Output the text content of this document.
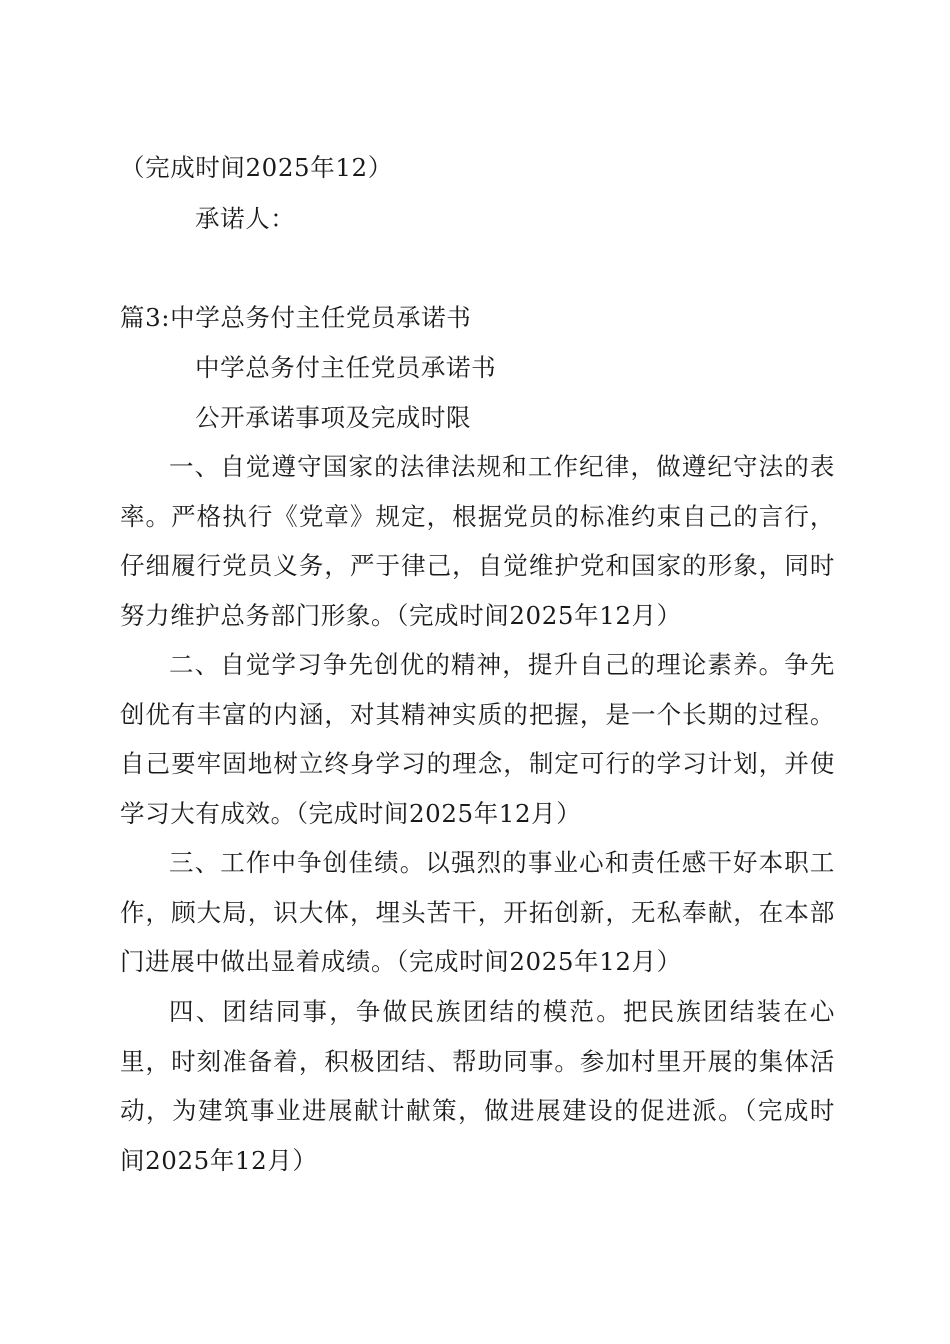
（完成时间2025年12）
承诺人：
篇3:中学总务付主任党员承诺书
中学总务付主任党员承诺书
公开承诺事项及完成时限

一、自觉遵守国家的法律法规和工作纪律，做遵纪守法的表率。严格执行《党章》规定，根据党员的标准约束自己的言行，仔细履行党员义务，严于律己，自觉维护党和国家的形象，同时努力维护总务部门形象。（完成时间2025年12月）

二、自觉学习争先创优的精神，提升自己的理论素养。争先创优有丰富的内涵，对其精神实质的把握，是一个长期的过程。自己要牢固地树立终身学习的理念，制定可行的学习计划，并使学习大有成效。（完成时间2025年12月）

三、工作中争创佳绩。以强烈的事业心和责任感干好本职工作，顾大局，识大体，埋头苦干，开拓创新，无私奉献，在本部门进展中做出显着成绩。（完成时间2025年12月）

四、团结同事，争做民族团结的模范。把民族团结装在心里，时刻准备着，积极团结、帮助同事。参加村里开展的集体活动，为建筑事业进展献计献策，做进展建设的促进派。（完成时间2025年12月）
